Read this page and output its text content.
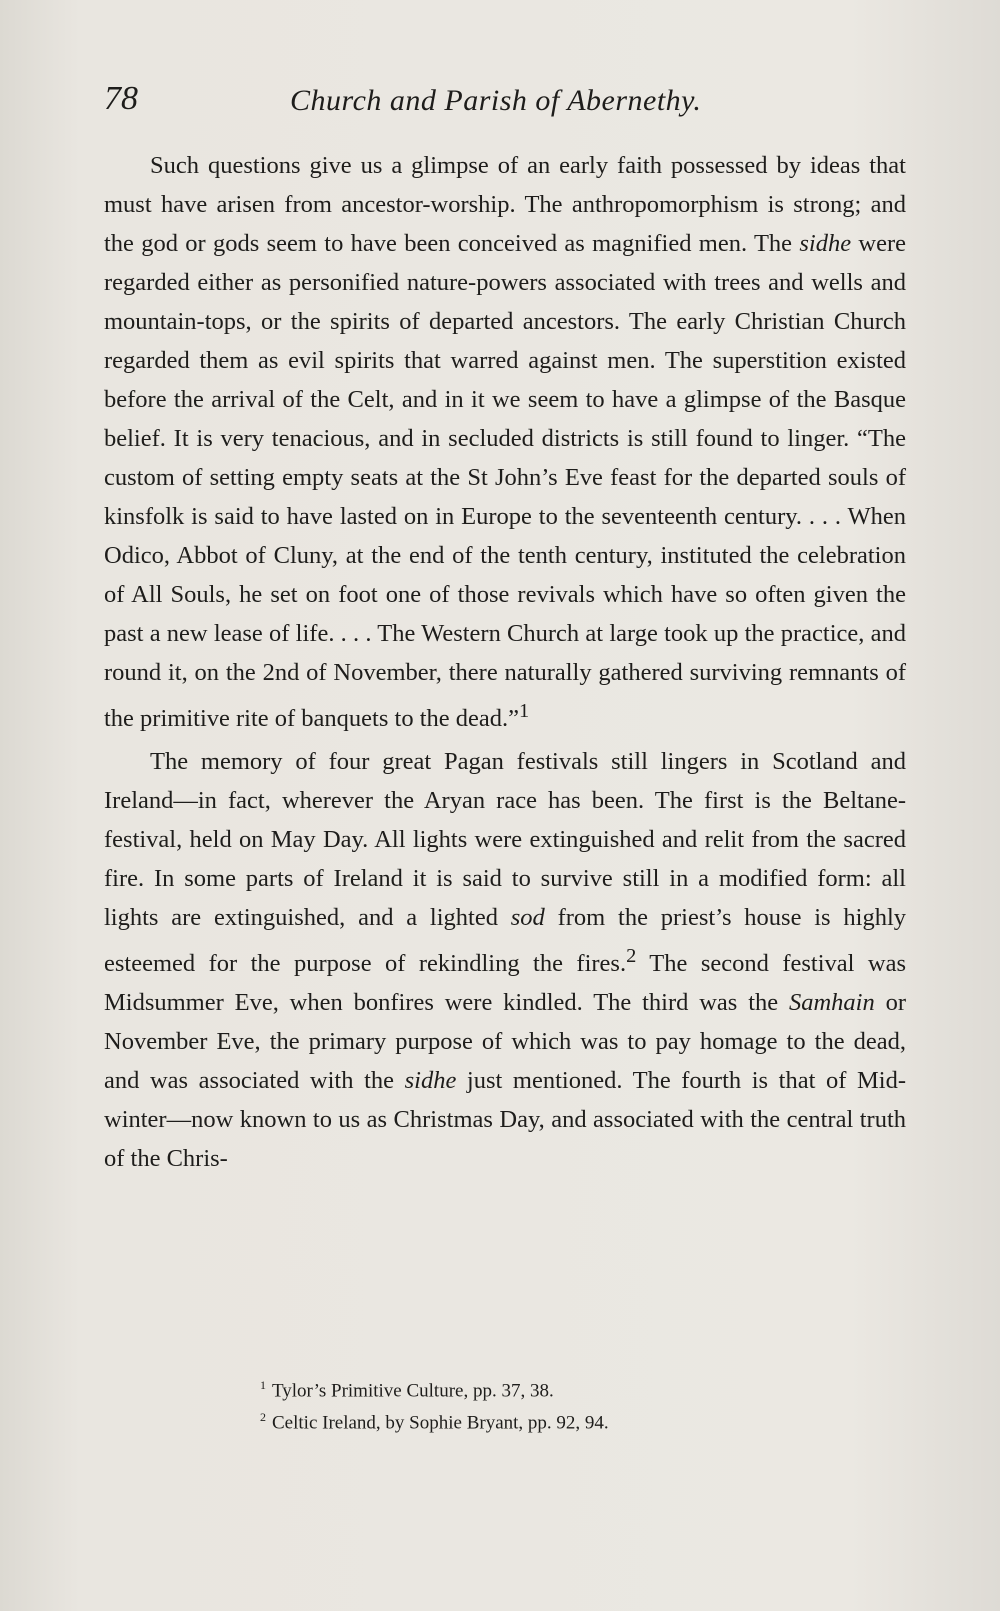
78	Church and Parish of Abernethy.

Such questions give us a glimpse of an early faith possessed by ideas that must have arisen from ancestor-worship. The anthropomorphism is strong; and the god or gods seem to have been conceived as magnified men. The sidhe were regarded either as personified nature-powers associated with trees and wells and mountain-tops, or the spirits of departed ancestors. The early Christian Church regarded them as evil spirits that warred against men. The superstition existed before the arrival of the Celt, and in it we seem to have a glimpse of the Basque belief. It is very tenacious, and in secluded districts is still found to linger. “The custom of setting empty seats at the St John’s Eve feast for the departed souls of kinsfolk is said to have lasted on in Europe to the seventeenth century. . . . When Odico, Abbot of Cluny, at the end of the tenth century, instituted the celebration of All Souls, he set on foot one of those revivals which have so often given the past a new lease of life. . . . The Western Church at large took up the practice, and round it, on the 2nd of November, there naturally gathered surviving remnants of the primitive rite of banquets to the dead.”$^1$

The memory of four great Pagan festivals still lingers in Scotland and Ireland—in fact, wherever the Aryan race has been. The first is the Beltane-festival, held on May Day. All lights were extinguished and relit from the sacred fire. In some parts of Ireland it is said to survive still in a modified form: all lights are extinguished, and a lighted sod from the priest’s house is highly esteemed for the purpose of rekindling the fires.$^2$ The second festival was Midsummer Eve, when bonfires were kindled. The third was the Samhain or November Eve, the primary purpose of which was to pay homage to the dead, and was associated with the sidhe just mentioned. The fourth is that of Mid-winter—now known to us as Christmas Day, and associated with the central truth of the Chris-

$^1$ Tylor’s Primitive Culture, pp. 37, 38.
$^2$ Celtic Ireland, by Sophie Bryant, pp. 92, 94.
